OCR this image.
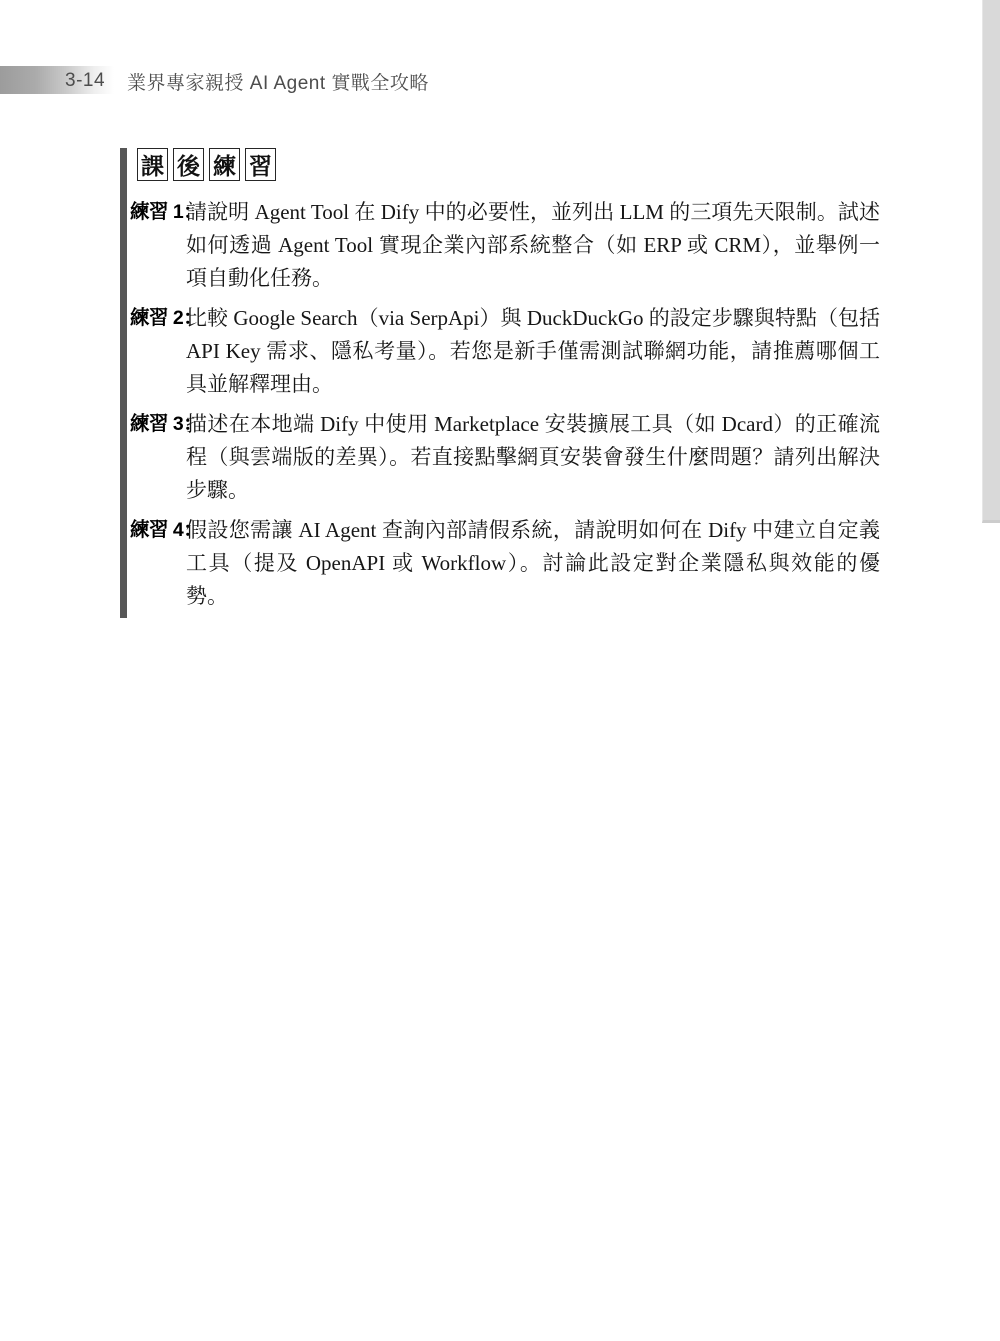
3-14 業界專家親授 AI Agent 實戰全攻略
課 後 練 習
練習 1：
請說明 Agent Tool 在 Dify 中的必要性，並列出 LLM 的三項先天限制。試述如何透過 Agent Tool 實現企業內部系統整合（如 ERP 或 CRM），並舉例一項自動化任務。
練習 2：
比較 Google Search（via SerpApi）與 DuckDuckGo 的設定步驟與特點（包括 API Key 需求、隱私考量）。若您是新手僅需測試聯網功能，請推薦哪個工具並解釋理由。
練習 3：
描述在本地端 Dify 中使用 Marketplace 安裝擴展工具（如 Dcard）的正確流程（與雲端版的差異）。若直接點擊網頁安裝會發生什麼問題？請列出解決步驟。
練習 4：
假設您需讓 AI Agent 查詢內部請假系統，請說明如何在 Dify 中建立自定義工具（提及 OpenAPI 或 Workflow）。討論此設定對企業隱私與效能的優勢。
